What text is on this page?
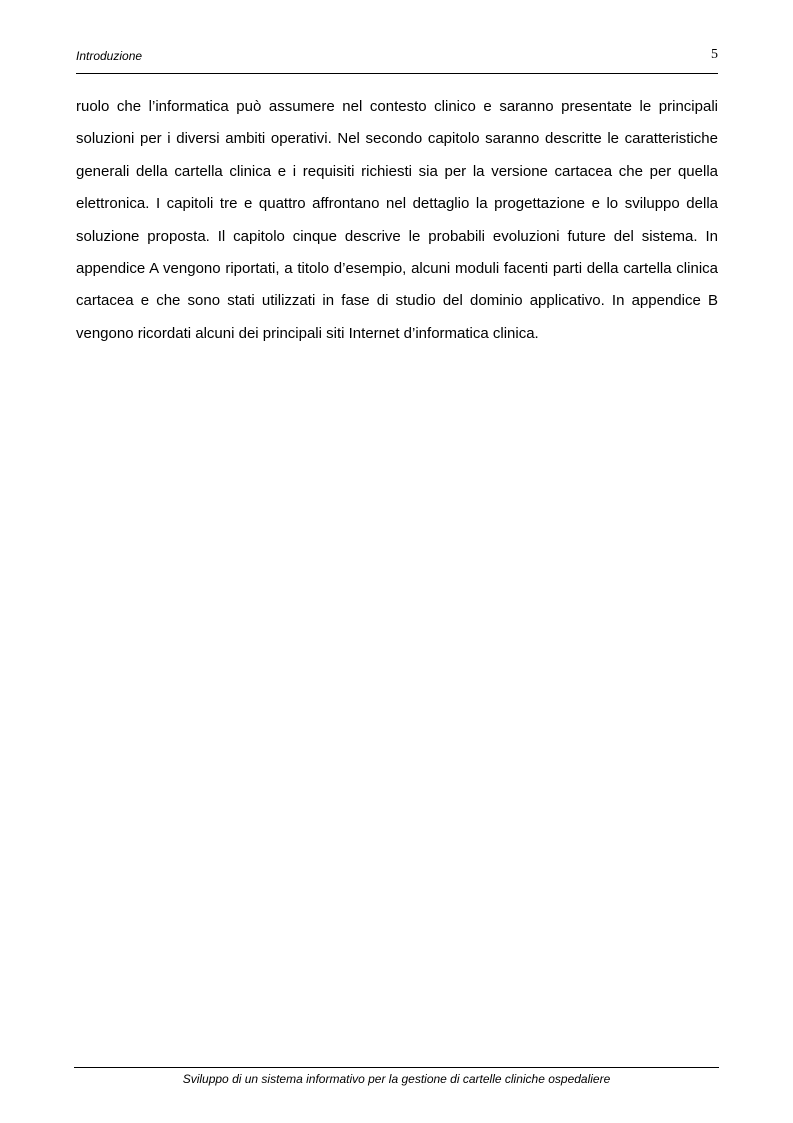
Introduzione	5

ruolo che l’informatica può assumere nel contesto clinico e saranno presentate le principali soluzioni per i diversi ambiti operativi. Nel secondo capitolo saranno descritte le caratteristiche generali della cartella clinica e i requisiti richiesti sia per la versione cartacea che per quella elettronica. I capitoli tre e quattro affrontano nel dettaglio la progettazione e lo sviluppo della soluzione proposta. Il capitolo cinque descrive le probabili evoluzioni future del sistema. In appendice A vengono riportati, a titolo d’esempio, alcuni moduli facenti parti della cartella clinica cartacea e che sono stati utilizzati in fase di studio del dominio applicativo. In appendice B vengono ricordati alcuni dei principali siti Internet d’informatica clinica.

Sviluppo di un sistema informativo per la gestione di cartelle cliniche ospedaliere
